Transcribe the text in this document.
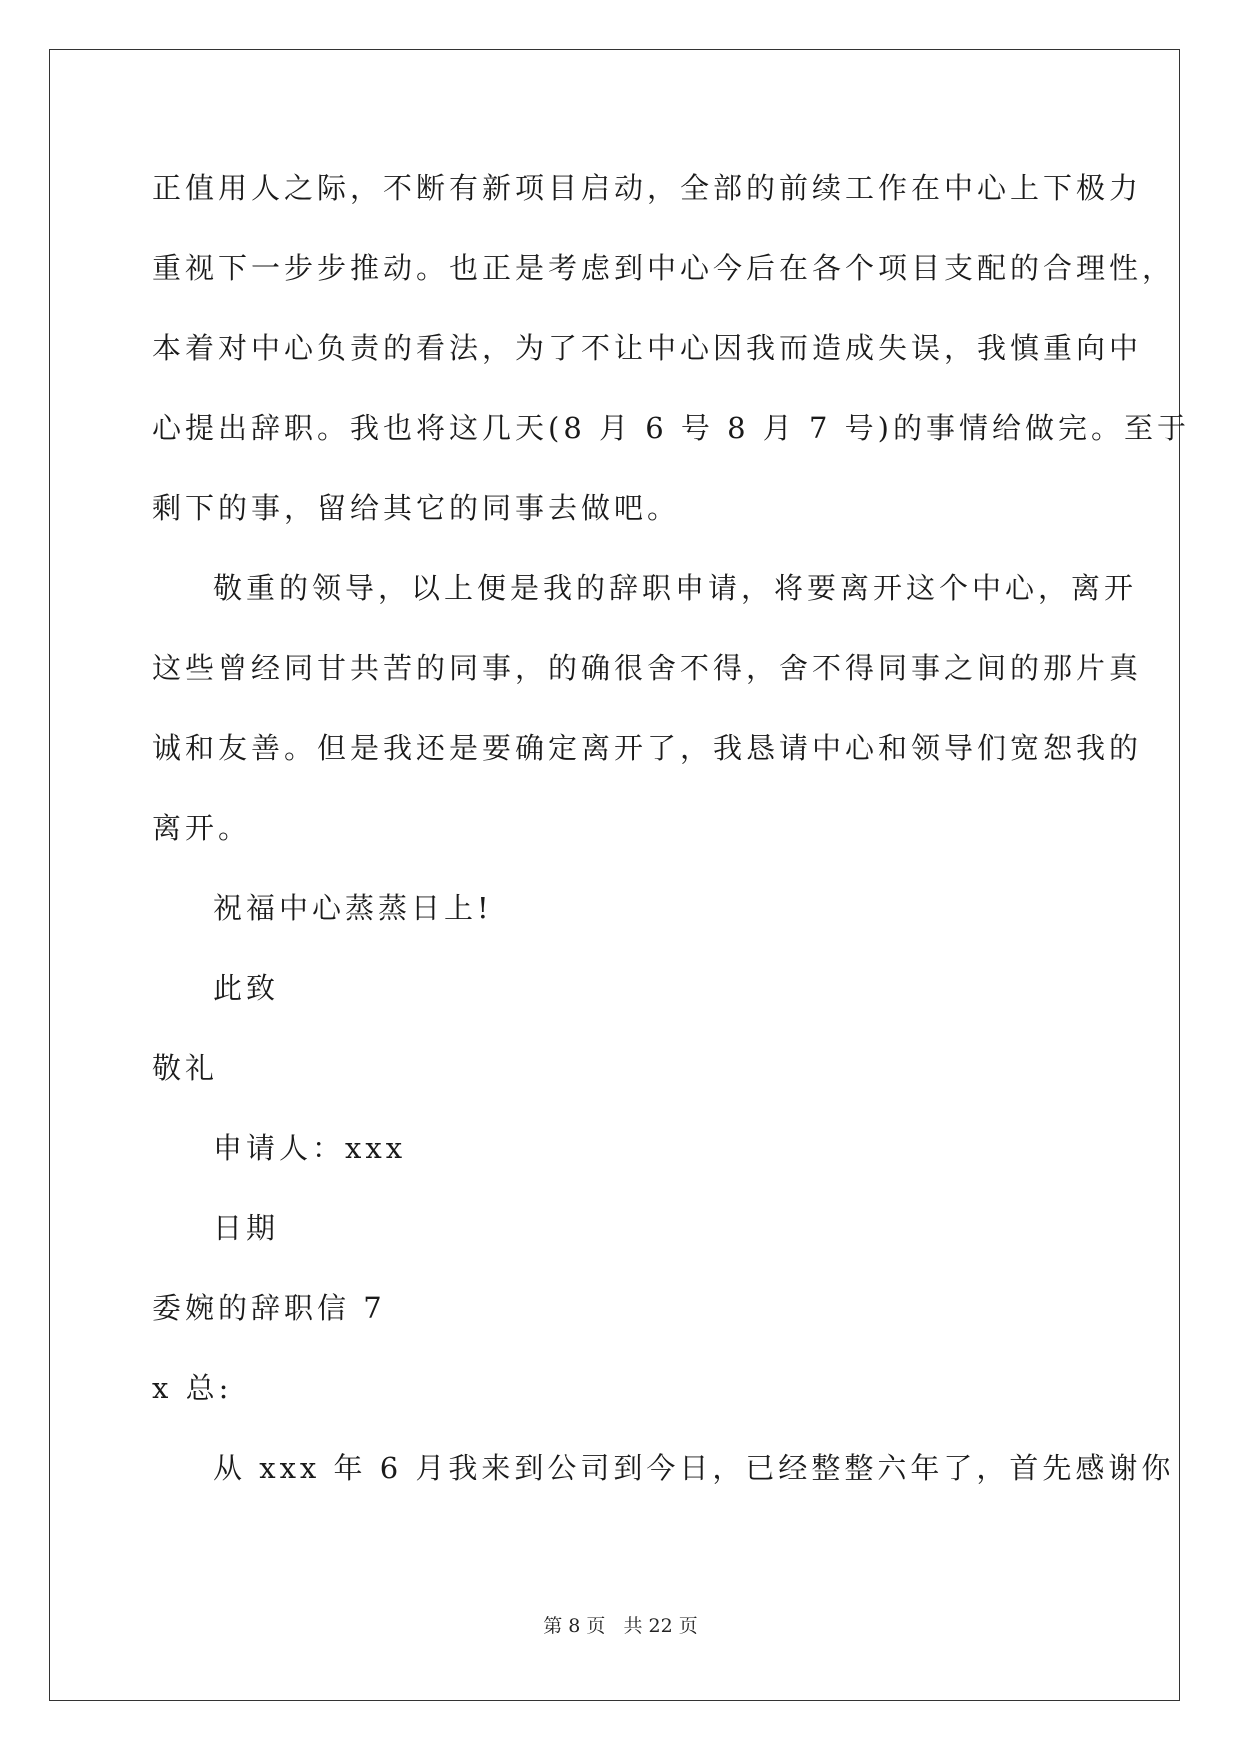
正值用人之际，不断有新项目启动，全部的前续工作在中心上下极力
重视下一步步推动。也正是考虑到中心今后在各个项目支配的合理性，
本着对中心负责的看法，为了不让中心因我而造成失误，我慎重向中
心提出辞职。我也将这几天(8 月 6 号 8 月 7 号)的事情给做完。至于
剩下的事，留给其它的同事去做吧。
敬重的领导，以上便是我的辞职申请，将要离开这个中心，离开
这些曾经同甘共苦的同事，的确很舍不得，舍不得同事之间的那片真
诚和友善。但是我还是要确定离开了，我恳请中心和领导们宽恕我的
离开。
祝福中心蒸蒸日上!
此致
敬礼
申请人：xxx
日期
委婉的辞职信 7
x 总:
从 xxx 年 6 月我来到公司到今日，已经整整六年了，首先感谢你
第 8 页 共 22 页
